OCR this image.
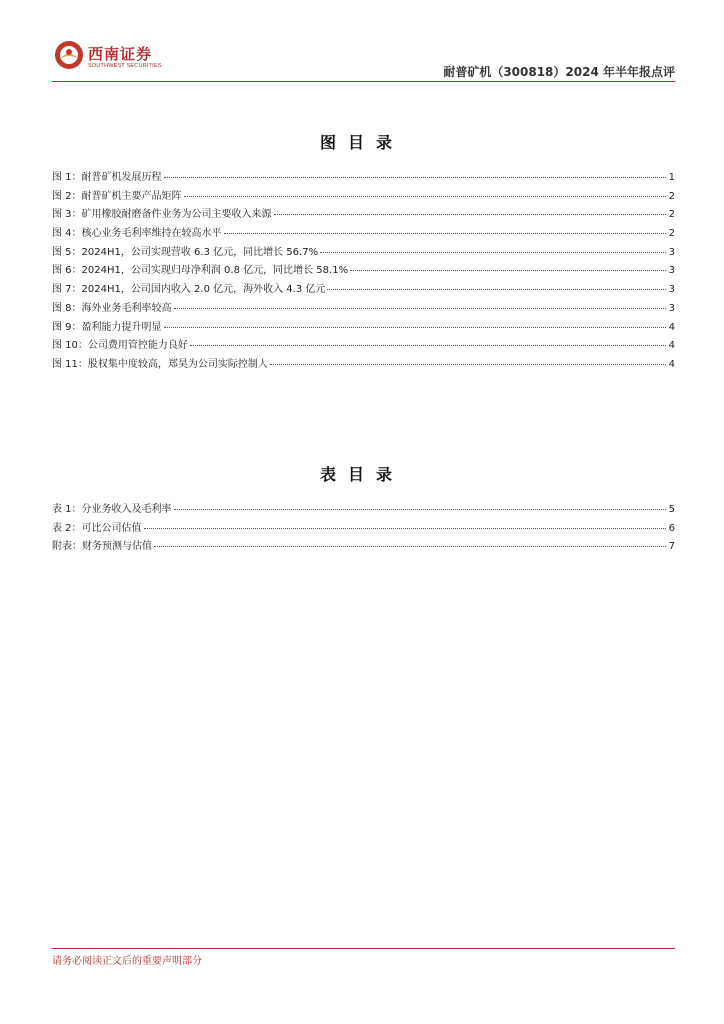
西南证券
SOUTHWEST SECURITIES	耐普矿机（300818）2024 年半年报点评
图目录
图 1：耐普矿机发展历程	1
图 2：耐普矿机主要产品矩阵	2
图 3：矿用橡胶耐磨备件业务为公司主要收入来源	2
图 4：核心业务毛利率维持在较高水平	2
图 5：2024H1，公司实现营收 6.3 亿元，同比增长 56.7%	3
图 6：2024H1，公司实现归母净利润 0.8 亿元，同比增长 58.1%	3
图 7：2024H1，公司国内收入 2.0 亿元，海外收入 4.3 亿元	3
图 8：海外业务毛利率较高	3
图 9：盈利能力提升明显	4
图 10：公司费用管控能力良好	4
图 11：股权集中度较高，郑昊为公司实际控制人	4
表目录
表 1：分业务收入及毛利率	5
表 2：可比公司估值	6
附表：财务预测与估值	7
请务必阅读正文后的重要声明部分
